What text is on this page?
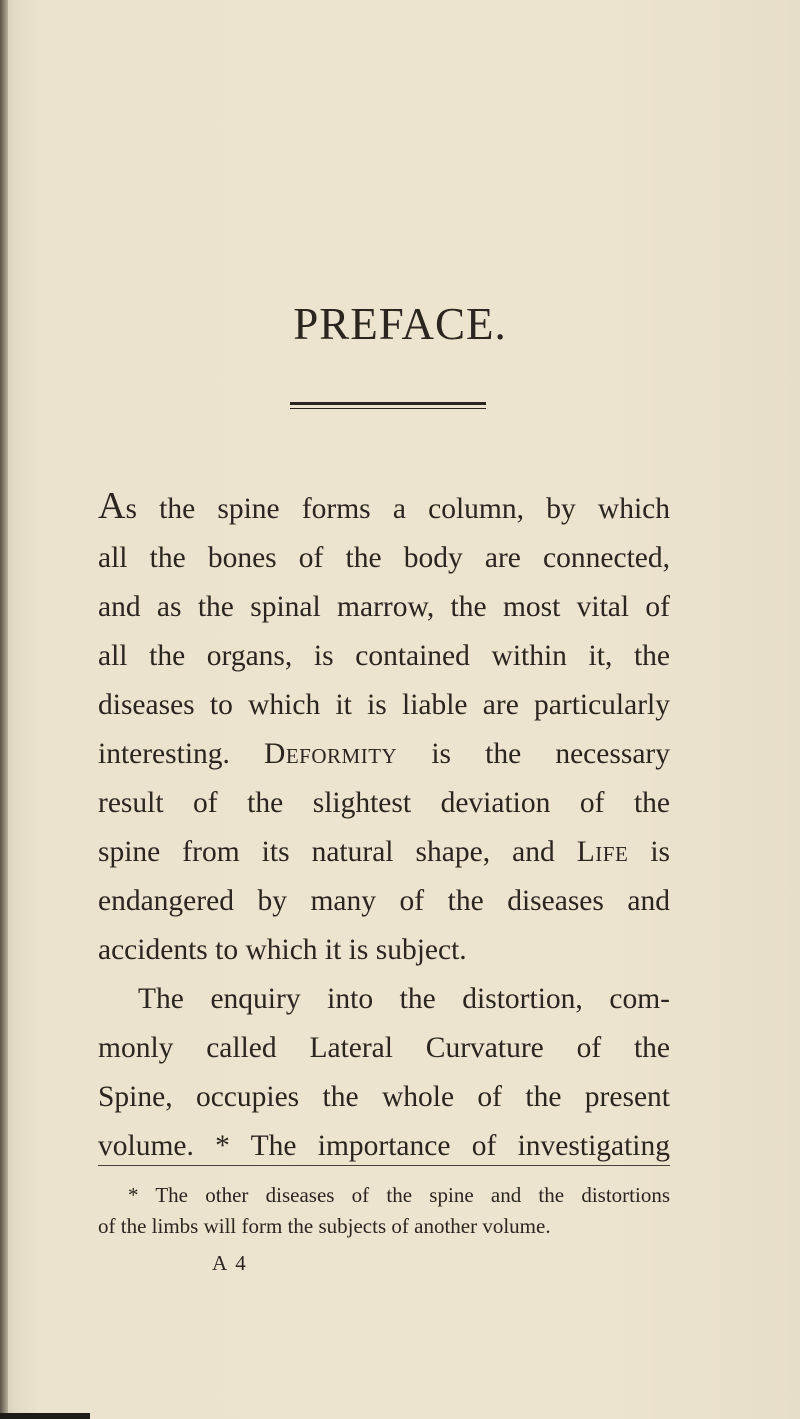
PREFACE.
As the spine forms a column, by which
all the bones of the body are connected,
and as the spinal marrow, the most vital of
all the organs, is contained within it, the
diseases to which it is liable are particularly
interesting. Deformity is the necessary
result of the slightest deviation of the
spine from its natural shape, and Life is
endangered by many of the diseases and
accidents to which it is subject.
The enquiry into the distortion, com-
monly called Lateral Curvature of the
Spine, occupies the whole of the present
volume. * The importance of investigating
* The other diseases of the spine and the distortions
of the limbs will form the subjects of another volume.
A 4
